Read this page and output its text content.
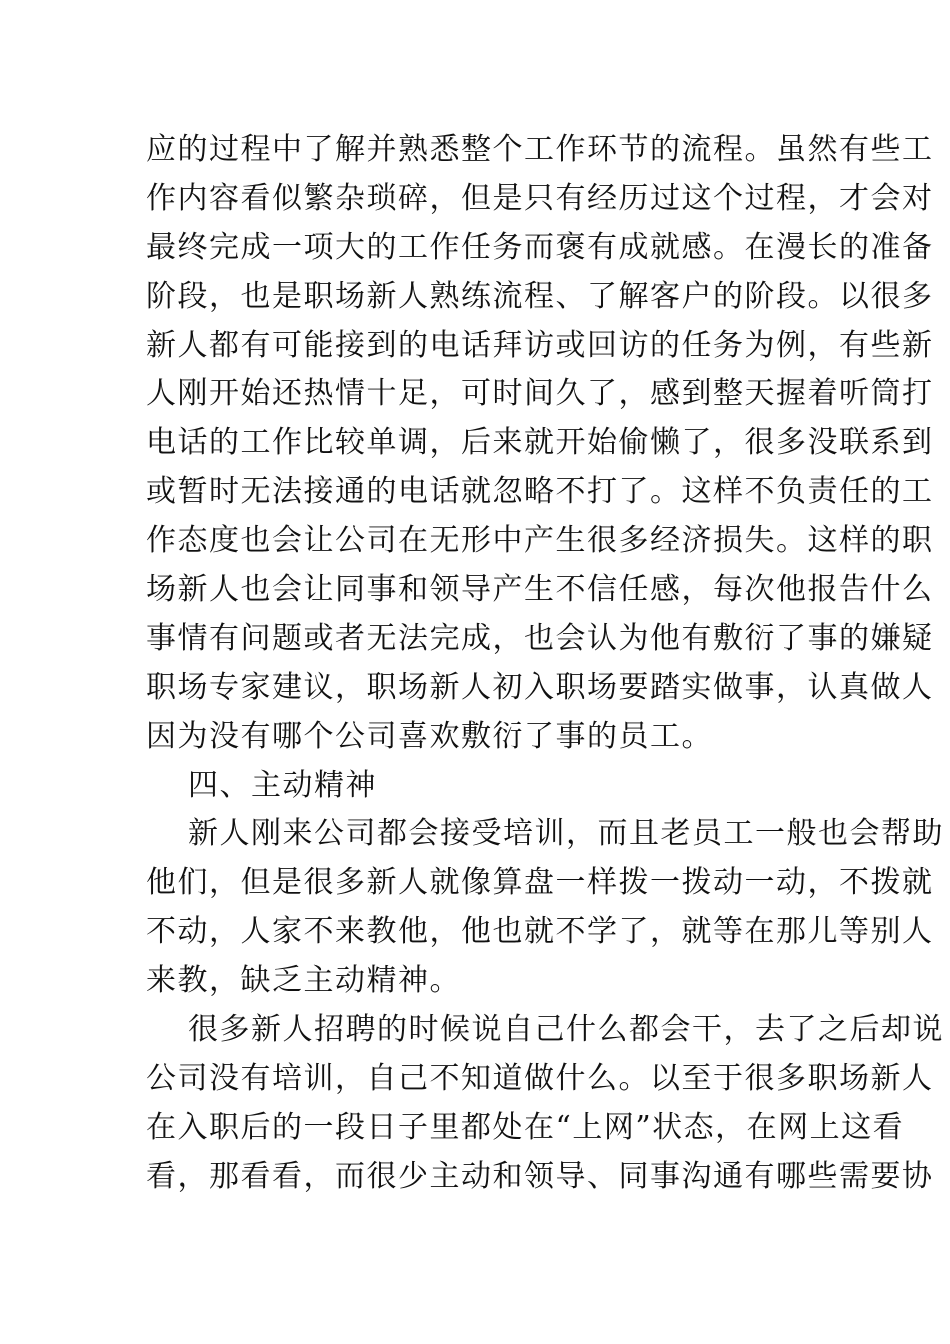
应的过程中了解并熟悉整个工作环节的流程。虽然有些工
作内容看似繁杂琐碎，但是只有经历过这个过程，才会对
最终完成一项大的工作任务而褒有成就感。在漫长的准备
阶段，也是职场新人熟练流程、了解客户的阶段。以很多
新人都有可能接到的电话拜访或回访的任务为例，有些新
人刚开始还热情十足，可时间久了，感到整天握着听筒打
电话的工作比较单调，后来就开始偷懒了，很多没联系到
或暂时无法接通的电话就忽略不打了。这样不负责任的工
作态度也会让公司在无形中产生很多经济损失。这样的职
场新人也会让同事和领导产生不信任感，每次他报告什么
事情有问题或者无法完成，也会认为他有敷衍了事的嫌疑
职场专家建议，职场新人初入职场要踏实做事，认真做人
因为没有哪个公司喜欢敷衍了事的员工。
四、主动精神
新人刚来公司都会接受培训，而且老员工一般也会帮助
他们，但是很多新人就像算盘一样拨一拨动一动，不拨就
不动，人家不来教他，他也就不学了，就等在那儿等别人
来教，缺乏主动精神。
很多新人招聘的时候说自己什么都会干，去了之后却说
公司没有培训，自己不知道做什么。以至于很多职场新人
在入职后的一段日子里都处在“上网”状态，在网上这看
看，那看看，而很少主动和领导、同事沟通有哪些需要协
